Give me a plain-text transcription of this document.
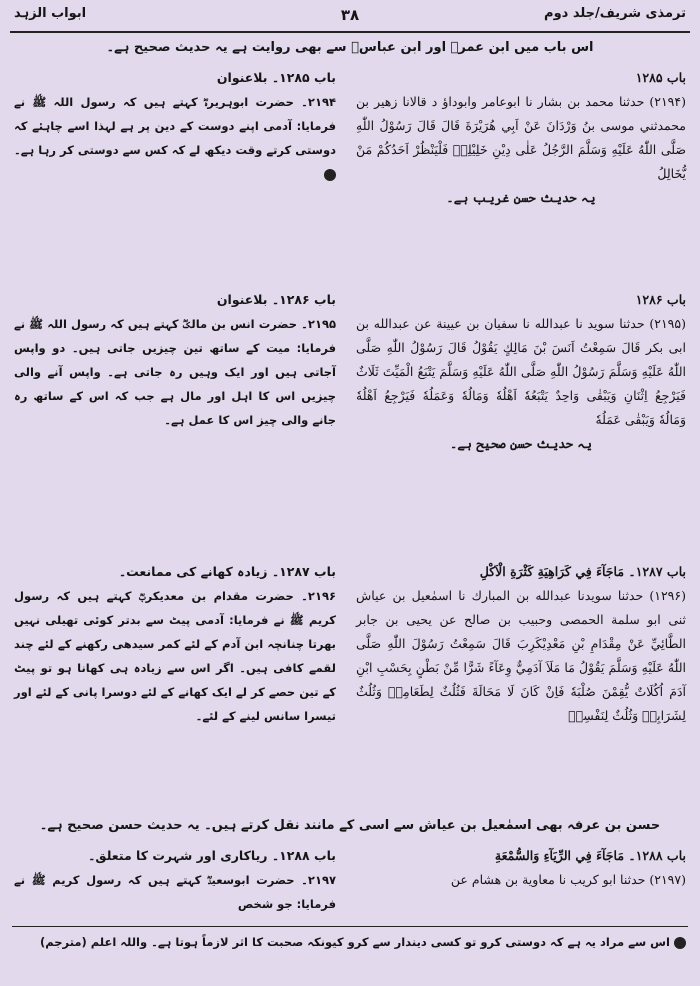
ترمذی شریف/جلد دوم
۳۸
ابواب الزہد
اس باب میں ابن عمرؓ اور ابن عباسؓ سے بھی روایت ہے یہ حدیث صحیح ہے۔
باب ۱۲۸۵
(۲۱۹۴) حدثنا محمد بن بشار نا ابوعامر وابوداؤ د قالانا زهير بن محمدثني موسى بنُ وَرْدَانَ عَنْ اَبِي هُرَيْرَةَ قَالَ قَالَ رَسُوْلُ اللّٰهِ صَلَّى اللّٰهُ عَلَيْهِ وَسَلَّمَ الرَّجُلُ عَلٰى دِيْنِ خَلِيْلِهٖ فَلْيَنْظُرْ اَحَدُكُمْ مَنْ يُّخَالِلُ
یہ حدیث حسن غریب ہے۔
باب ۱۲۸۵۔ بلاعنوان
۲۱۹۴۔ حضرت ابوہریرہؓ کہتے ہیں کہ رسول اللہ ﷺ نے فرمایا: آدمی اپنے دوست کے دین پر ہے لہذا اسے چاہئے کہ دوستی کرتے وقت دیکھ لے کہ کس سے دوستی کر رہا ہے۔
باب ۱۲۸۶
(۲۱۹۵) حدثنا سويد نا عبدالله نا سفيان بن عيينة عن عبدالله بن ابى بكر قَالَ سَمِعْتُ اَنَسَ بْنَ مَالِكٍ يَقُوْلُ قَالَ رَسُوْلُ اللّٰهِ صَلَّى اللّٰهُ عَلَيْهِ وَسَلَّمَ رَسُوْلُ اللّٰهِ صَلَّى اللّٰهُ عَلَيْهِ وَسَلَّمَ يَتْبَعُ الْمَيِّتَ ثَلَاثٌ فَيَرْجِعُ اِثْنَانِ وَيَبْقٰى وَاحِدٌ يَتْبَعُهٗ اَهْلُهٗ وَمَالُهٗ وَعَمَلُهٗ فَيَرْجِعُ اَهْلُهٗ وَمَالُهٗ وَيَبْقٰى عَمَلُهٗ
یہ حدیث حسن صحیح ہے۔
باب ۱۲۸۶۔ بلاعنوان
۲۱۹۵۔ حضرت انس بن مالکؓ کہتے ہیں کہ رسول اللہ ﷺ نے فرمایا: میت کے ساتھ تین چیزیں جاتی ہیں۔ دو واپس آجاتی ہیں اور ایک وہیں رہ جاتی ہے۔ واپس آنے والی چیزیں اس کا اہل اور مال ہے جب کہ اس کے ساتھ رہ جانے والی چیز اس کا عمل ہے۔
باب ۱۲۸۷۔ مَاجَآءَ فِي كَرَاهِيَةِ كَثْرَةِ الْاَكْلِ
(۱۲۹۶) حدثنا سويدنا عبدالله بن المبارك نا اسمٰعيل بن عياش ثنى ابو سلمة الحمصى وحبيب بن صالح عن يحيى بن جابر الطَّائِيِّ عَنْ مِقْدَامِ بْنِ مَعْدِيْكَرِبَ قَالَ سَمِعْتُ رَسُوْلَ اللّٰهِ صَلَّى اللّٰهُ عَلَيْهِ وَسَلَّمَ يَقُوْلُ مَا مَلَاَ آدَمِيٌّ وِعَآءً شَرًّا مِّنْ بَطْنٍ بِحَسْبِ ابْنِ آدَمَ اُكُلَاتٌ يُّقِمْنَ صُلْبَهٗ فَاِنْ كَانَ لَا مَحَالَةَ فَثُلُثٌ لِطَعَامِهٖ وَثُلُثٌ لِشَرَابِهٖ وَثُلُثٌ لِنَفْسِهٖ
باب ۱۲۸۷۔ زیادہ کھانے کی ممانعت۔
۲۱۹۶۔ حضرت مقدام بن معدیکربؓ کہتے ہیں کہ رسول کریم ﷺ نے فرمایا: آدمی پیٹ سے بدتر کوئی تھیلی نہیں بھرتا چنانچہ ابن آدم کے لئے کمر سیدھی رکھنے کے لئے چند لقمے کافی ہیں۔ اگر اس سے زیادہ ہی کھانا ہو تو پیٹ کے تین حصے کر لے ایک کھانے کے لئے دوسرا پانی کے لئے اور تیسرا سانس لینے کے لئے۔
حسن بن عرفہ بھی اسمٰعیل بن عیاش سے اسی کے مانند نقل کرتے ہیں۔ یہ حدیث حسن صحیح ہے۔
باب ۱۲۸۸۔ مَاجَآءَ فِي الرِّيَآءِ وَالسُّمْعَةِ
(۲۱۹۷) حدثنا ابو كريب نا معاوية بن هشام عن
باب ۱۲۸۸۔ ریاکاری اور شہرت کا متعلق۔
۲۱۹۷۔ حضرت ابوسعیدؓ کہتے ہیں کہ رسول کریم ﷺ نے فرمایا: جو شخص
اس سے مراد یہ ہے کہ دوستی کرو تو کسی دیندار سے کرو کیونکہ صحبت کا اثر لازماً ہوتا ہے۔ واللہ اعلم (مترجم)
